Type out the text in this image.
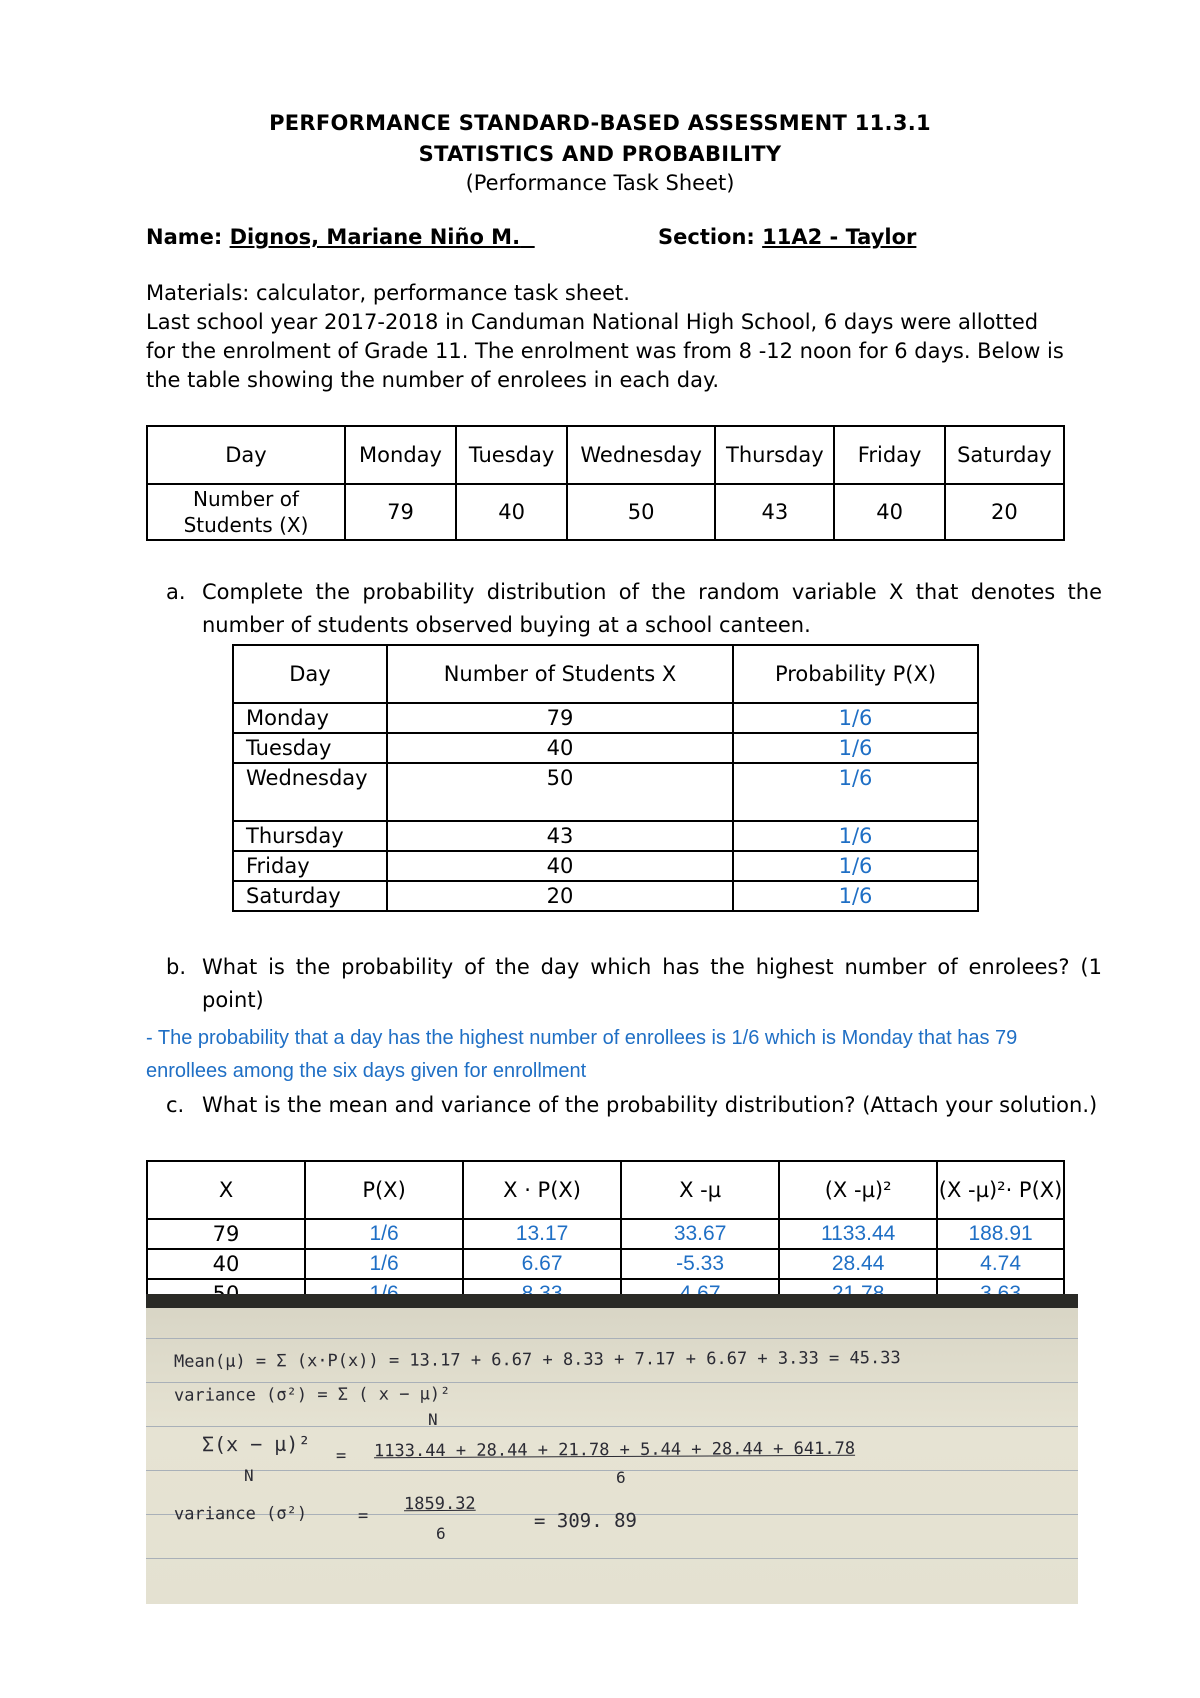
PERFORMANCE STANDARD-BASED ASSESSMENT 11.3.1
STATISTICS AND PROBABILITY
(Performance Task Sheet)
Name: Dignos, Mariane Niño M.	Section: 11A2 - Taylor

Materials: calculator, performance task sheet.

Last school year 2017-2018 in Canduman National High School, 6 days were allotted for the enrolment of Grade 11. The enrolment was from 8 -12 noon for 6 days. Below is the table showing the number of enrolees in each day.

Day	Monday	Tuesday	Wednesday	Thursday	Friday	Saturday
Number of Students (X)	79	40	50	43	40	20
a. Complete the probability distribution of the random variable X that denotes the number of students observed buying at a school canteen.
Day	Number of Students X	Probability P(X)
Monday	79	1/6
Tuesday	40	1/6
Wednesday	50	1/6
Thursday	43	1/6
Friday	40	1/6
Saturday	20	1/6
b. What is the probability of the day which has the highest number of enrolees? (1 point)
- The probability that a day has the highest number of enrollees is 1/6 which is Monday that has 79 enrollees among the six days given for enrollment
c. What is the mean and variance of the probability distribution? (Attach your solution.)
X	P(X)	X · P(X)	X -µ	(X -µ)²	(X -µ)²· P(X)
79	1/6	13.17	33.67	1133.44	188.91
40	1/6	6.67	-5.33	28.44	4.74

Mean(µ) = Σ (x·P(x)) = 13.17 + 6.67 + 8.33 + 7.17 + 6.67 + 3.33 = 45.33
variance (σ²) = Σ ( x − µ)²
N
Σ(x − µ)²
N
= 1133.44 + 28.44 + 21.78 + 5.44 + 28.44 + 641.78
6
variance (σ²)	=
1859.32
6
= 309. 89
